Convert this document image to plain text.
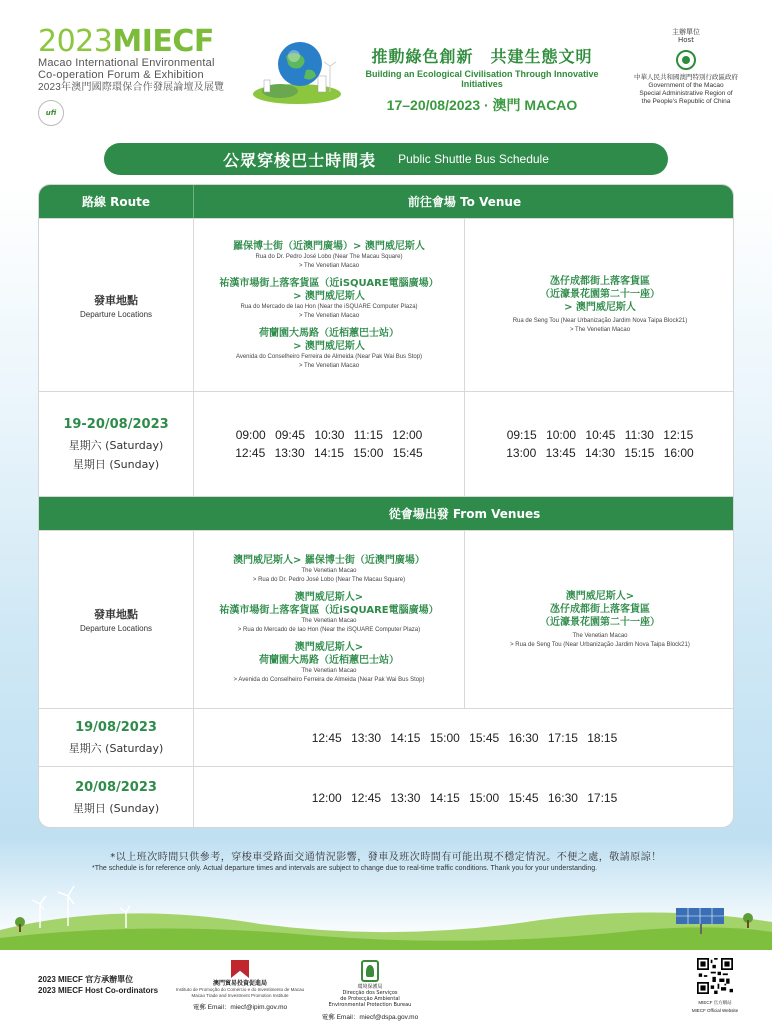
2023MIECF
Macao International Environmental
Co-operation Forum & Exhibition
2023年澳門國際環保合作發展論壇及展覽
ufi
推動綠色創新　共建生態文明
Building an Ecological Civilisation Through Innovative Initiatives
17–20/08/2023 · 澳門 MACAO
主辦單位
Host
中華人民共和國澳門特別行政區政府
Government of the Macao
Special Administrative Region of
the People's Republic of China
公眾穿梭巴士時間表 Public Shuttle Bus Schedule
路線 Route	前往會場 To Venue
發車地點
Departure Locations
羅保博士街（近澳門廣場）> 澳門威尼斯人
Rua do Dr. Pedro José Lobo (Near The Macau Square)
> The Venetian Macao
祐漢市場街上落客貨區（近iSQUARE電腦廣場）
> 澳門威尼斯人
Rua do Mercado de Iao Hon (Near the iSQUARE Computer Plaza)
> The Venetian Macao
荷蘭園大馬路（近栢蕙巴士站）
> 澳門威尼斯人
Avenida do Conselheiro Ferreira de Almeida (Near Pak Wai Bus Stop)
> The Venetian Macao
氹仔成都街上落客貨區
（近濠景花園第二十一座）
> 澳門威尼斯人
Rua de Seng Tou (Near Urbanização Jardim Nova Taipa Block21)
> The Venetian Macao
19-20/08/2023
星期六 (Saturday)
星期日 (Sunday)
09:00 09:45 10:30 11:15 12:00
12:45 13:30 14:15 15:00 15:45
09:15 10:00 10:45 11:30 12:15
13:00 13:45 14:30 15:15 16:00
從會場出發 From Venues
發車地點
Departure Locations
澳門威尼斯人> 羅保博士街（近澳門廣場）
The Venetian Macao
> Rua do Dr. Pedro José Lobo (Near The Macau Square)
澳門威尼斯人>
祐漢市場街上落客貨區（近iSQUARE電腦廣場）
The Venetian Macao
> Rua do Mercado de Iao Hon (Near the iSQUARE Computer Plaza)
澳門威尼斯人>
荷蘭園大馬路（近栢蕙巴士站）
The Venetian Macao
> Avenida do Conselheiro Ferreira de Almeida (Near Pak Wai Bus Stop)
澳門威尼斯人>
氹仔成都街上落客貨區
（近濠景花園第二十一座）
The Venetian Macao
> Rua de Seng Tou (Near Urbanização Jardim Nova Taipa Block21)
19/08/2023
星期六 (Saturday)
12:45 13:30 14:15 15:00 15:45 16:30 17:15 18:15
20/08/2023
星期日 (Sunday)
12:00 12:45 13:30 14:15 15:00 15:45 16:30 17:15
*以上班次時間只供參考，穿梭車受路面交通情況影響，發車及班次時間有可能出現不穩定情況。不便之處，敬請原諒！
*The schedule is for reference only. Actual departure times and intervals are subject to change due to real-time traffic conditions. Thank you for your understanding.
2023 MIECF 官方承辦單位
2023 MIECF Host Co-ordinators
澳門貿易投資促進局
Instituto de Promoção do Comércio e do Investimento de Macau
Macao Trade and Investment Promotion Institute
電郵 Email：miecf@ipim.gov.mo
環境保護局
Direcção dos Serviços
de Protecção Ambiental
Environmental Protection Bureau
電郵 Email：miecf@dspa.gov.mo
MIECF 官方網站
MIECF Official Website
